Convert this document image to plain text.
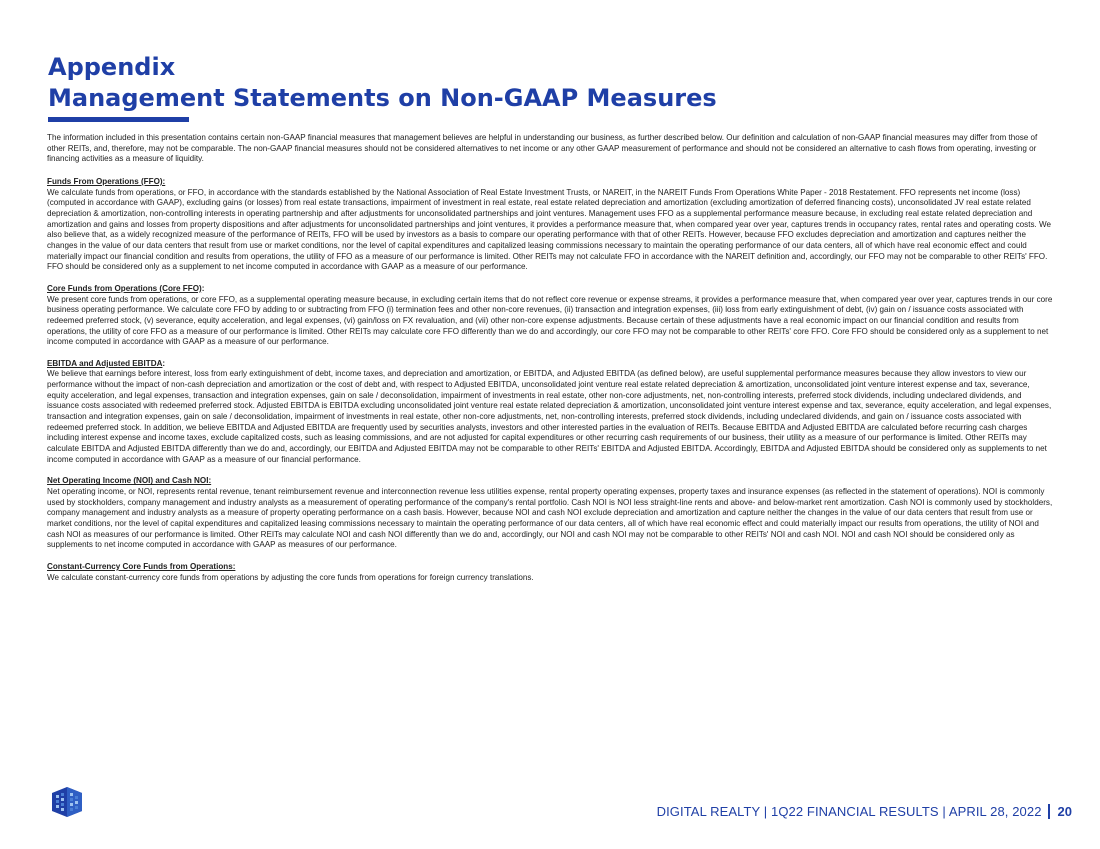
Appendix
Management Statements on Non-GAAP Measures

The information included in this presentation contains certain non-GAAP financial measures that management believes are helpful in understanding our business, as further described below. Our definition and calculation of non-GAAP financial measures may differ from those of other REITs, and, therefore, may not be comparable. The non-GAAP financial measures should not be considered alternatives to net income or any other GAAP measurement of performance and should not be considered an alternative to cash flows from operating, investing or financing activities as a measure of liquidity.

Funds From Operations (FFO):

We calculate funds from operations, or FFO, in accordance with the standards established by the National Association of Real Estate Investment Trusts, or NAREIT, in the NAREIT Funds From Operations White Paper - 2018 Restatement. FFO represents net income (loss) (computed in accordance with GAAP), excluding gains (or losses) from real estate transactions, impairment of investment in real estate, real estate related depreciation and amortization (excluding amortization of deferred financing costs), unconsolidated JV real estate related depreciation & amortization, non-controlling interests in operating partnership and after adjustments for unconsolidated partnerships and joint ventures. Management uses FFO as a supplemental performance measure because, in excluding real estate related depreciation and amortization and gains and losses from property dispositions and after adjustments for unconsolidated partnerships and joint ventures, it provides a performance measure that, when compared year over year, captures trends in occupancy rates, rental rates and operating costs. We also believe that, as a widely recognized measure of the performance of REITs, FFO will be used by investors as a basis to compare our operating performance with that of other REITs. However, because FFO excludes depreciation and amortization and captures neither the changes in the value of our data centers that result from use or market conditions, nor the level of capital expenditures and capitalized leasing commissions necessary to maintain the operating performance of our data centers, all of which have real economic effect and could materially impact our financial condition and results from operations, the utility of FFO as a measure of our performance is limited. Other REITs may not calculate FFO in accordance with the NAREIT definition and, accordingly, our FFO may not be comparable to other REITs' FFO. FFO should be considered only as a supplement to net income computed in accordance with GAAP as a measure of our performance.

Core Funds from Operations (Core FFO):

We present core funds from operations, or core FFO, as a supplemental operating measure because, in excluding certain items that do not reflect core revenue or expense streams, it provides a performance measure that, when compared year over year, captures trends in our core business operating performance. We calculate core FFO by adding to or subtracting from FFO (i) termination fees and other non-core revenues, (ii) transaction and integration expenses, (iii) loss from early extinguishment of debt, (iv) gain on / issuance costs associated with redeemed preferred stock, (v) severance, equity acceleration, and legal expenses, (vi) gain/loss on FX revaluation, and (vii) other non-core expense adjustments. Because certain of these adjustments have a real economic impact on our financial condition and results from operations, the utility of core FFO as a measure of our performance is limited. Other REITs may calculate core FFO differently than we do and accordingly, our core FFO may not be comparable to other REITs' core FFO. Core FFO should be considered only as a supplement to net income computed in accordance with GAAP as a measure of our performance.

EBITDA and Adjusted EBITDA:

We believe that earnings before interest, loss from early extinguishment of debt, income taxes, and depreciation and amortization, or EBITDA, and Adjusted EBITDA (as defined below), are useful supplemental performance measures because they allow investors to view our performance without the impact of non-cash depreciation and amortization or the cost of debt and, with respect to Adjusted EBITDA, unconsolidated joint venture real estate related depreciation & amortization, unconsolidated joint venture interest expense and tax, severance, equity acceleration, and legal expenses, transaction and integration expenses, gain on sale / deconsolidation, impairment of investments in real estate, other non-core adjustments, net, non-controlling interests, preferred stock dividends, including undeclared dividends, and issuance costs associated with redeemed preferred stock. Adjusted EBITDA is EBITDA excluding unconsolidated joint venture real estate related depreciation & amortization, unconsolidated joint venture interest expense and tax, severance, equity acceleration, and legal expenses, transaction and integration expenses, gain on sale / deconsolidation, impairment of investments in real estate, other non-core adjustments, net, non-controlling interests, preferred stock dividends, including undeclared dividends, and gain on / issuance costs associated with redeemed preferred stock. In addition, we believe EBITDA and Adjusted EBITDA are frequently used by securities analysts, investors and other interested parties in the evaluation of REITs. Because EBITDA and Adjusted EBITDA are calculated before recurring cash charges including interest expense and income taxes, exclude capitalized costs, such as leasing commissions, and are not adjusted for capital expenditures or other recurring cash requirements of our business, their utility as a measure of our performance is limited. Other REITs may calculate EBITDA and Adjusted EBITDA differently than we do and, accordingly, our EBITDA and Adjusted EBITDA may not be comparable to other REITs' EBITDA and Adjusted EBITDA. Accordingly, EBITDA and Adjusted EBITDA should be considered only as supplements to net income computed in accordance with GAAP as a measure of our financial performance.

Net Operating Income (NOI) and Cash NOI:

Net operating income, or NOI, represents rental revenue, tenant reimbursement revenue and interconnection revenue less utilities expense, rental property operating expenses, property taxes and insurance expenses (as reflected in the statement of operations). NOI is commonly used by stockholders, company management and industry analysts as a measurement of operating performance of the company's rental portfolio. Cash NOI is NOI less straight-line rents and above- and below-market rent amortization. Cash NOI is commonly used by stockholders, company management and industry analysts as a measure of property operating performance on a cash basis. However, because NOI and cash NOI exclude depreciation and amortization and capture neither the changes in the value of our data centers that result from use or market conditions, nor the level of capital expenditures and capitalized leasing commissions necessary to maintain the operating performance of our data centers, all of which have real economic effect and could materially impact our results from operations, the utility of NOI and cash NOI as measures of our performance is limited. Other REITs may calculate NOI and cash NOI differently than we do and, accordingly, our NOI and cash NOI may not be comparable to other REITs' NOI and cash NOI. NOI and cash NOI should be considered only as supplements to net income computed in accordance with GAAP as measures of our performance.

Constant-Currency Core Funds from Operations:

We calculate constant-currency core funds from operations by adjusting the core funds from operations for foreign currency translations.

DIGITAL REALTY | 1Q22 FINANCIAL RESULTS | APRIL 28, 2022 20
